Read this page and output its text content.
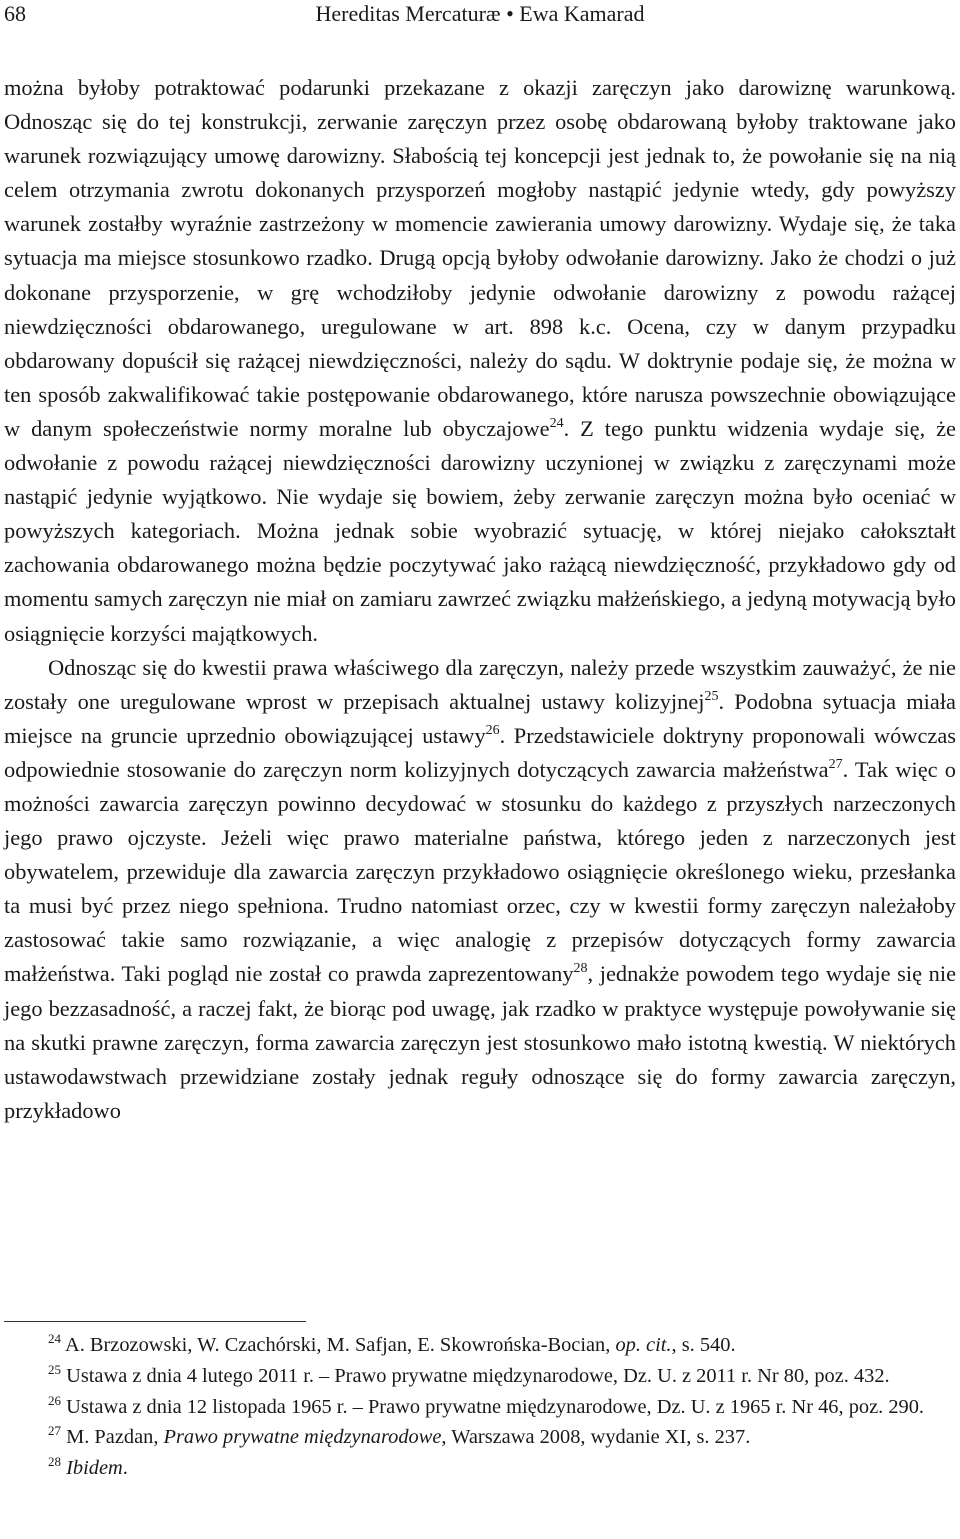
68	Hereditas Mercaturæ • Ewa Kamarad

można byłoby potraktować podarunki przekazane z okazji zaręczyn jako darowiznę warunkową. Odnosząc się do tej konstrukcji, zerwanie zaręczyn przez osobę obdarowaną byłoby traktowane jako warunek rozwiązujący umowę darowizny. Słabością tej koncepcji jest jednak to, że powołanie się na nią celem otrzymania zwrotu dokonanych przysporzeń mogłoby nastąpić jedynie wtedy, gdy powyższy warunek zostałby wyraźnie zastrzeżony w momencie zawierania umowy darowizny. Wydaje się, że taka sytuacja ma miejsce stosunkowo rzadko. Drugą opcją byłoby odwołanie darowizny. Jako że chodzi o już dokonane przysporzenie, w grę wchodziłoby jedynie odwołanie darowizny z powodu rażącej niewdzięczności obdarowanego, uregulowane w art. 898 k.c. Ocena, czy w danym przypadku obdarowany dopuścił się rażącej niewdzięczności, należy do sądu. W doktrynie podaje się, że można w ten sposób zakwalifikować takie postępowanie obdarowanego, które narusza powszechnie obowiązujące w danym społeczeństwie normy moralne lub obyczajowe$^{24}$. Z tego punktu widzenia wydaje się, że odwołanie z powodu rażącej niewdzięczności darowizny uczynionej w związku z zaręczynami może nastąpić jedynie wyjątkowo. Nie wydaje się bowiem, żeby zerwanie zaręczyn można było oceniać w powyższych kategoriach. Można jednak sobie wyobrazić sytuację, w której niejako całokształt zachowania obdarowanego można będzie poczytywać jako rażącą niewdzięczność, przykładowo gdy od momentu samych zaręczyn nie miał on zamiaru zawrzeć związku małżeńskiego, a jedyną motywacją było osiągnięcie korzyści majątkowych.

Odnosząc się do kwestii prawa właściwego dla zaręczyn, należy przede wszystkim zauważyć, że nie zostały one uregulowane wprost w przepisach aktualnej ustawy kolizyjnej$^{25}$. Podobna sytuacja miała miejsce na gruncie uprzednio obowiązującej ustawy$^{26}$. Przedstawiciele doktryny proponowali wówczas odpowiednie stosowanie do zaręczyn norm kolizyjnych dotyczących zawarcia małżeństwa$^{27}$. Tak więc o możności zawarcia zaręczyn powinno decydować w stosunku do każdego z przyszłych narzeczonych jego prawo ojczyste. Jeżeli więc prawo materialne państwa, którego jeden z narzeczonych jest obywatelem, przewiduje dla zawarcia zaręczyn przykładowo osiągnięcie określonego wieku, przesłanka ta musi być przez niego spełniona. Trudno natomiast orzec, czy w kwestii formy zaręczyn należałoby zastosować takie samo rozwiązanie, a więc analogię z przepisów dotyczących formy zawarcia małżeństwa. Taki pogląd nie został co prawda zaprezentowany$^{28}$, jednakże powodem tego wydaje się nie jego bezzasadność, a raczej fakt, że biorąc pod uwagę, jak rzadko w praktyce występuje powoływanie się na skutki prawne zaręczyn, forma zawarcia zaręczyn jest stosunkowo mało istotną kwestią. W niektórych ustawodawstwach przewidziane zostały jednak reguły odnoszące się do formy zawarcia zaręczyn, przykładowo

$^{24}$ A. Brzozowski, W. Czachórski, M. Safjan, E. Skowrońska-Bocian, op. cit., s. 540.

$^{25}$ Ustawa z dnia 4 lutego 2011 r. – Prawo prywatne międzynarodowe, Dz. U. z 2011 r. Nr 80, poz. 432.

$^{26}$ Ustawa z dnia 12 listopada 1965 r. – Prawo prywatne międzynarodowe, Dz. U. z 1965 r. Nr 46, poz. 290.

$^{27}$ M. Pazdan, Prawo prywatne międzynarodowe, Warszawa 2008, wydanie XI, s. 237.

$^{28}$ Ibidem.
